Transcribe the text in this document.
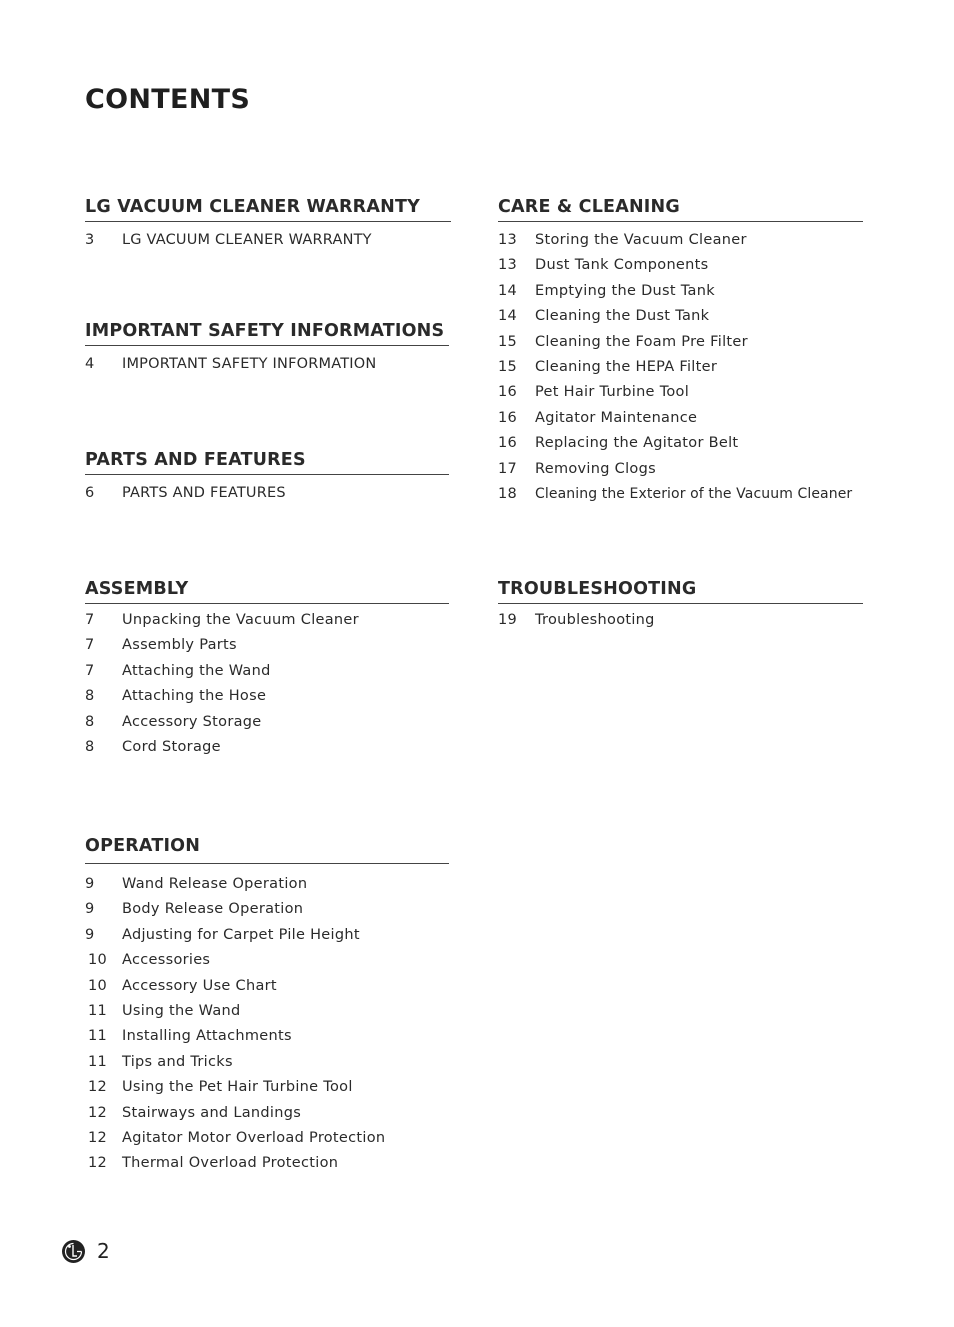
CONTENTS
LG VACUUM CLEANER WARRANTY
3	LG VACUUM CLEANER WARRANTY
IMPORTANT SAFETY INFORMATIONS
4	IMPORTANT SAFETY INFORMATION
PARTS AND FEATURES
6	PARTS AND FEATURES
ASSEMBLY
7	Unpacking the Vacuum Cleaner
7	Assembly Parts
7	Attaching the Wand
8	Attaching the Hose
8	Accessory Storage
8	Cord Storage
OPERATION
9	Wand Release Operation
9	Body Release Operation
9	Adjusting for Carpet Pile Height
10 Accessories
10 Accessory Use Chart
11 Using the Wand
11 Installing Attachments
11 Tips and Tricks
12 Using the Pet Hair Turbine Tool
12 Stairways and Landings
12 Agitator Motor Overload Protection
12 Thermal Overload Protection
CARE & CLEANING
13	Storing the Vacuum Cleaner
13	Dust Tank Components
14	Emptying the Dust Tank
14	Cleaning the Dust Tank
15	Cleaning the Foam Pre Filter
15	Cleaning the HEPA Filter
16	Pet Hair Turbine Tool
16	Agitator Maintenance
16	Replacing the Agitator Belt
17	Removing Clogs
18	Cleaning the Exterior of the Vacuum Cleaner
TROUBLESHOOTING
19	Troubleshooting
2
